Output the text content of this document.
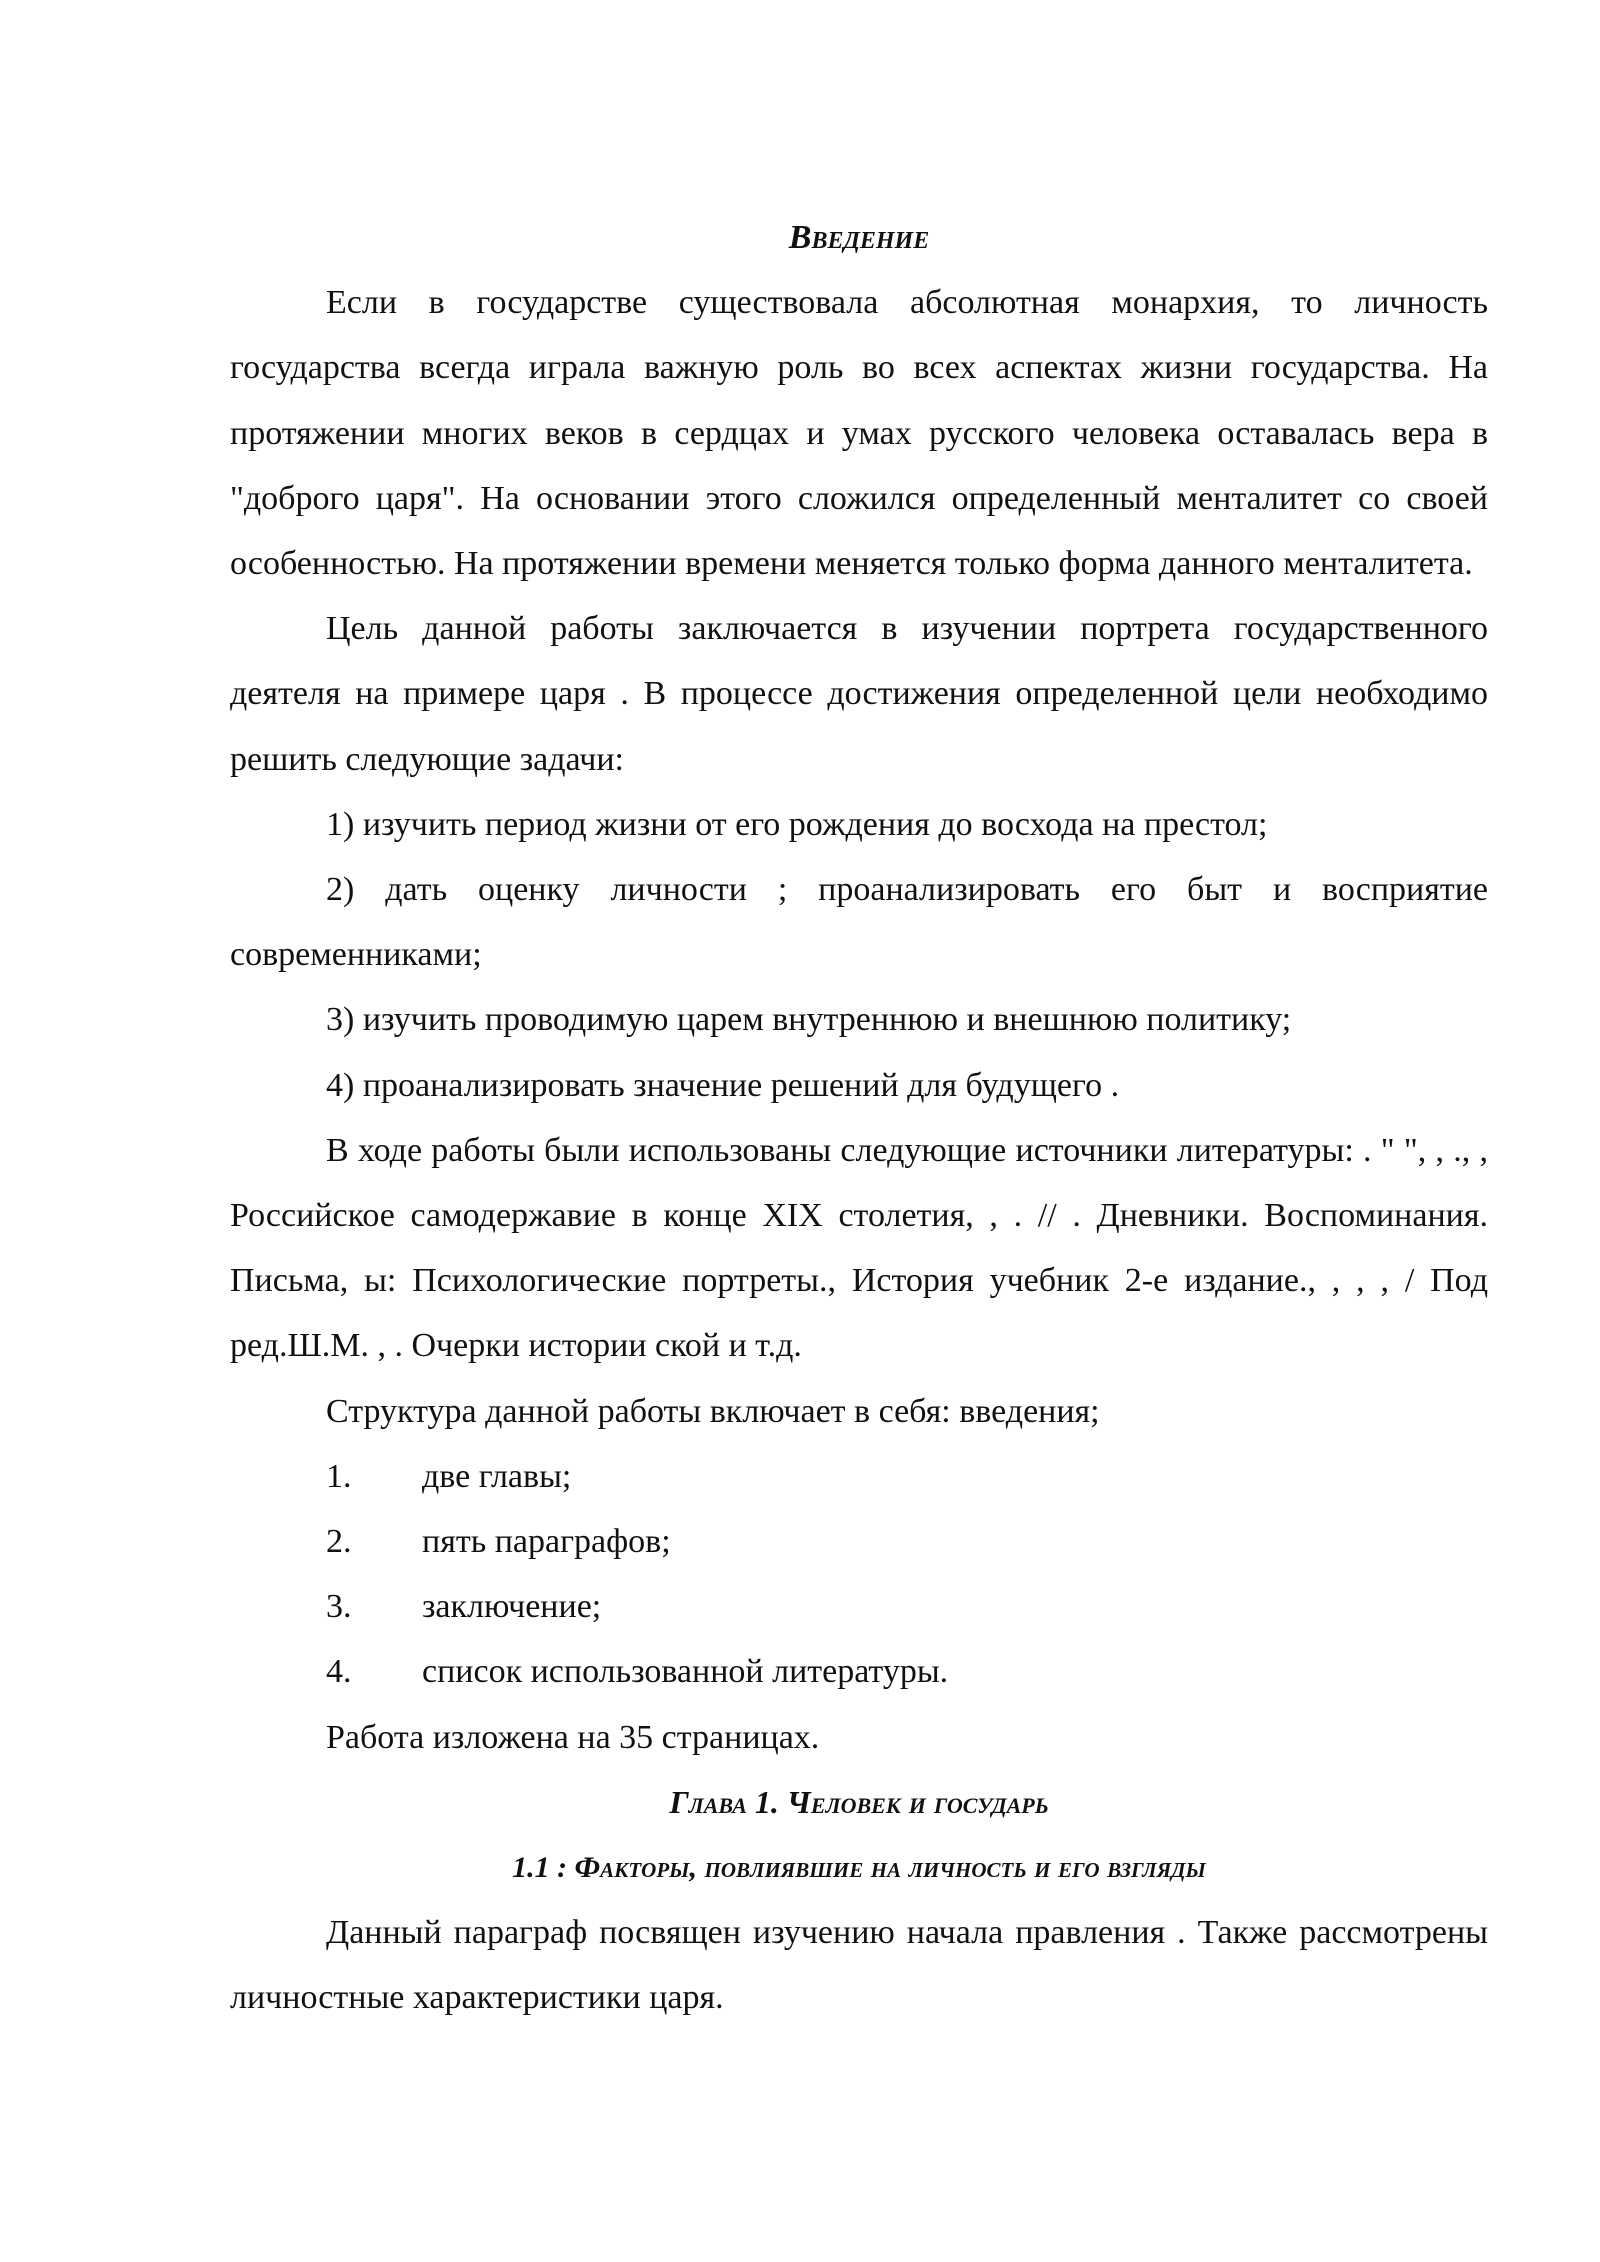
Введение

Если в государстве существовала абсолютная монархия, то личность государства всегда играла важную роль во всех аспектах жизни государства. На протяжении многих веков в сердцах и умах русского человека оставалась вера в "доброго царя". На основании этого сложился определенный менталитет со своей особенностью. На протяжении времени меняется только форма данного менталитета.

Цель данной работы заключается в изучении портрета государственного деятеля на примере царя . В процессе достижения определенной цели необходимо решить следующие задачи:

1) изучить период жизни от его рождения до восхода на престол;

2) дать оценку личности ; проанализировать его быт и восприятие современниками;

3) изучить проводимую царем внутреннюю и внешнюю политику;

4) проанализировать значение решений для будущего .

В ходе работы были использованы следующие источники литературы: . " ", , ., , Российское самодержавие в конце XIX столетия, , . // . Дневники. Воспоминания. Письма, ы: Психологические портреты., История учебник 2-е издание., , , , / Под ред.Ш.М. , . Очерки истории ской и т.д.

Структура данной работы включает в себя: введения;

1.	две главы;
2.	пять параграфов;
3.	заключение;
4.	список использованной литературы.

Работа изложена на 35 страницах.

Глава 1. Человек и государь
1.1 : Факторы, повлиявшие на личность и его взгляды

Данный параграф посвящен изучению начала правления . Также рассмотрены личностные характеристики царя.
